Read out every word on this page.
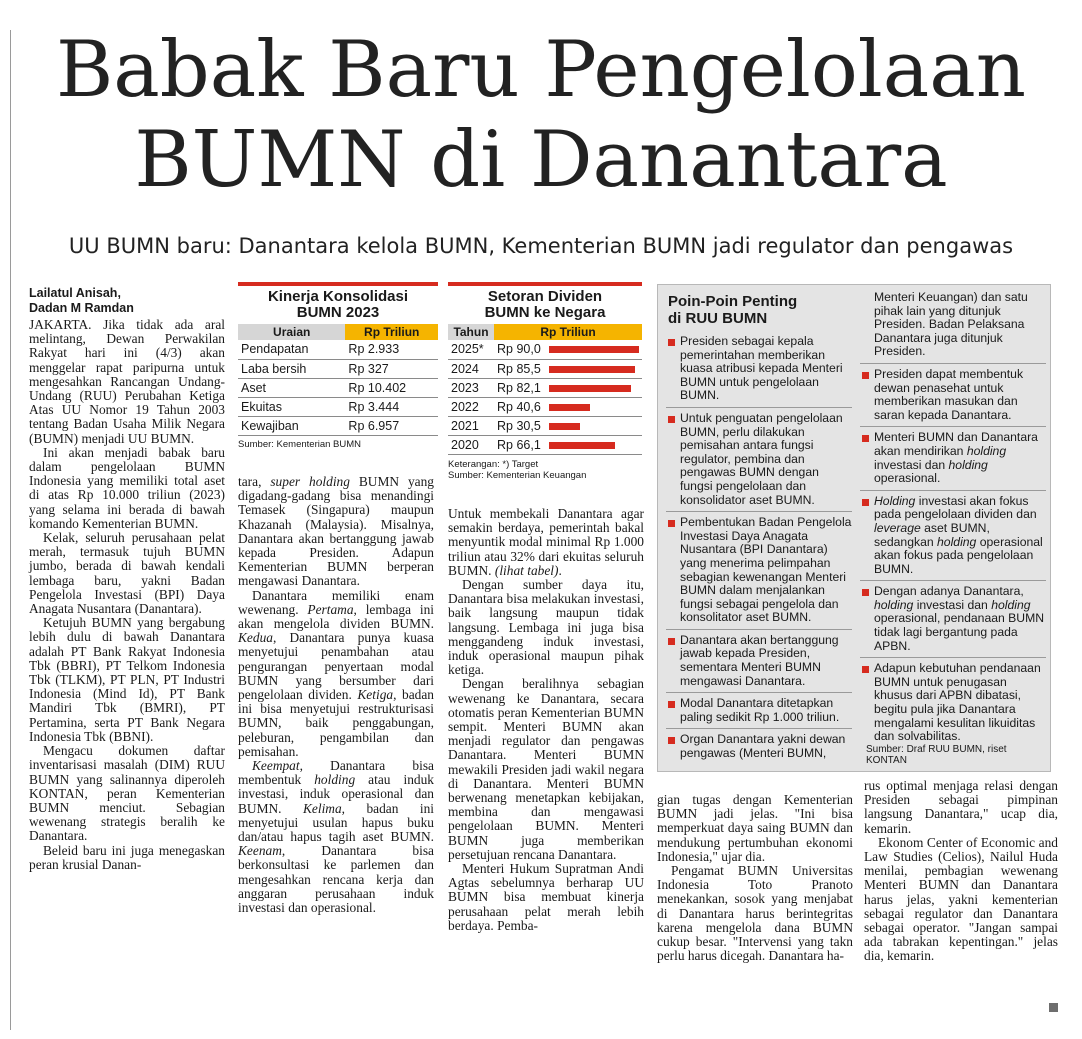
Babak Baru Pengelolaan
BUMN di Danantara
UU BUMN baru: Danantara kelola BUMN, Kementerian BUMN jadi regulator dan pengawas
Lailatul Anisah,
Dadan M Ramdan

JAKARTA. Jika tidak ada aral melintang, Dewan Perwakilan Rakyat hari ini (4/3) akan menggelar rapat paripurna untuk mengesahkan Rancangan Undang-Undang (RUU) Perubahan Ketiga Atas UU Nomor 19 Tahun 2003 tentang Badan Usaha Milik Negara (BUMN) menjadi UU BUMN.

Ini akan menjadi babak baru dalam pengelolaan BUMN Indonesia yang memiliki total aset di atas Rp 10.000 triliun (2023) yang selama ini berada di bawah komando Kementerian BUMN.

Kelak, seluruh perusahaan pelat merah, termasuk tujuh BUMN jumbo, berada di bawah kendali lembaga baru, yakni Badan Pengelola Investasi (BPI) Daya Anagata Nusantara (Danantara).

Ketujuh BUMN yang bergabung lebih dulu di bawah Danantara adalah PT Bank Rakyat Indonesia Tbk (BBRI), PT Telkom Indonesia Tbk (TLKM), PT PLN, PT Industri Indonesia (Mind Id), PT Bank Mandiri Tbk (BMRI), PT Pertamina, serta PT Bank Negara Indonesia Tbk (BBNI).

Mengacu dokumen daftar inventarisasi masalah (DIM) RUU BUMN yang salinannya diperoleh KONTAN, peran Kementerian BUMN menciut. Sebagian wewenang strategis beralih ke Danantara.

Beleid baru ini juga menegaskan peran krusial Danan-

Kinerja Konsolidasi
BUMN 2023
Uraian	Rp Triliun
Pendapatan	Rp 2.933
Laba bersih	Rp 327
Aset	Rp 10.402
Ekuitas	Rp 3.444
Kewajiban	Rp 6.957
Sumber: Kementerian BUMN

tara, super holding BUMN yang digadang-gadang bisa menandingi Temasek (Singapura) maupun Khazanah (Malaysia). Misalnya, Danantara akan bertanggung jawab kepada Presiden. Adapun Kementerian BUMN berperan mengawasi Danantara.

Danantara memiliki enam wewenang. Pertama, lembaga ini akan mengelola dividen BUMN. Kedua, Danantara punya kuasa menyetujui penambahan atau pengurangan penyertaan modal BUMN yang bersumber dari pengelolaan dividen. Ketiga, badan ini bisa menyetujui restrukturisasi BUMN, baik penggabungan, peleburan, pengambilan dan pemisahan.

Keempat, Danantara bisa membentuk holding atau induk investasi, induk operasional dan BUMN. Kelima, badan ini menyetujui usulan hapus buku dan/atau hapus tagih aset BUMN. Keenam, Danantara bisa berkonsultasi ke parlemen dan mengesahkan rencana kerja dan anggaran perusahaan induk investasi dan operasional.

Setoran Dividen
BUMN ke Negara
Tahun	Rp Triliun
2025*	Rp 90,0
2024	Rp 85,5
2023	Rp 82,1
2022	Rp 40,6
2021	Rp 30,5
2020	Rp 66,1
Keterangan: *) Target
Sumber: Kementerian Keuangan

Untuk membekali Danantara agar semakin berdaya, pemerintah bakal menyuntik modal minimal Rp 1.000 triliun atau 32% dari ekuitas seluruh BUMN. (lihat tabel).

Dengan sumber daya itu, Danantara bisa melakukan investasi, baik langsung maupun tidak langsung. Lembaga ini juga bisa menggandeng induk investasi, induk operasional maupun pihak ketiga.

Dengan beralihnya sebagian wewenang ke Danantara, secara otomatis peran Kementerian BUMN sempit. Menteri BUMN akan menjadi regulator dan pengawas Danantara. Menteri BUMN mewakili Presiden jadi wakil negara di Danantara. Menteri BUMN berwenang menetapkan kebijakan, membina dan mengawasi pengelolaan BUMN. Menteri BUMN juga memberikan persetujuan rencana Danantara.

Menteri Hukum Supratman Andi Agtas sebelumnya berharap UU BUMN bisa membuat kinerja perusahaan pelat merah lebih berdaya. Pemba-

Poin-Poin Penting
di RUU BUMN
Presiden sebagai kepala pemerintahan memberikan kuasa atribusi kepada Menteri BUMN untuk pengelolaan BUMN.
Untuk penguatan pengelolaan BUMN, perlu dilakukan pemisahan antara fungsi regulator, pembina dan pengawas BUMN dengan fungsi pengelolaan dan konsolidator aset BUMN.
Pembentukan Badan Pengelola Investasi Daya Anagata Nusantara (BPI Danantara) yang menerima pelimpahan sebagian kewenangan Menteri BUMN dalam menjalankan fungsi sebagai pengelola dan konsolitator aset BUMN.
Danantara akan bertanggung jawab kepada Presiden, sementara Menteri BUMN mengawasi Danantara.
Modal Danantara ditetapkan paling sedikit Rp 1.000 triliun.
Organ Danantara yakni dewan pengawas (Menteri BUMN,
Menteri Keuangan) dan satu pihak lain yang ditunjuk Presiden. Badan Pelaksana Danantara juga ditunjuk Presiden.
Presiden dapat membentuk dewan penasehat untuk memberikan masukan dan saran kepada Danantara.
Menteri BUMN dan Danantara akan mendirikan holding investasi dan holding operasional.
Holding investasi akan fokus pada pengelolaan dividen dan leverage aset BUMN, sedangkan holding operasional akan fokus pada pengelolaan BUMN.
Dengan adanya Danantara, holding investasi dan holding operasional, pendanaan BUMN tidak lagi bergantung pada APBN.
Adapun kebutuhan pendanaan BUMN untuk penugasan khusus dari APBN dibatasi, begitu pula jika Danantara mengalami kesulitan likuiditas dan solvabilitas.
Sumber: Draf RUU BUMN, riset KONTAN

gian tugas dengan Kementerian BUMN jadi jelas. "Ini bisa memperkuat daya saing BUMN dan mendukung pertumbuhan ekonomi Indonesia," ujar dia.

Pengamat BUMN Universitas Indonesia Toto Pranoto menekankan, sosok yang menjabat di Danantara harus berintegritas karena mengelola dana BUMN cukup besar. "Intervensi yang takn perlu harus dicegah. Danantara ha-

rus optimal menjaga relasi dengan Presiden sebagai pimpinan langsung Danantara," ucap dia, kemarin.

Ekonom Center of Economic and Law Studies (Celios), Nailul Huda menilai, pembagian wewenang Menteri BUMN dan Danantara harus jelas, yakni kementerian sebagai regulator dan Danantara sebagai operator. "Jangan sampai ada tabrakan kepentingan." jelas dia, kemarin.
